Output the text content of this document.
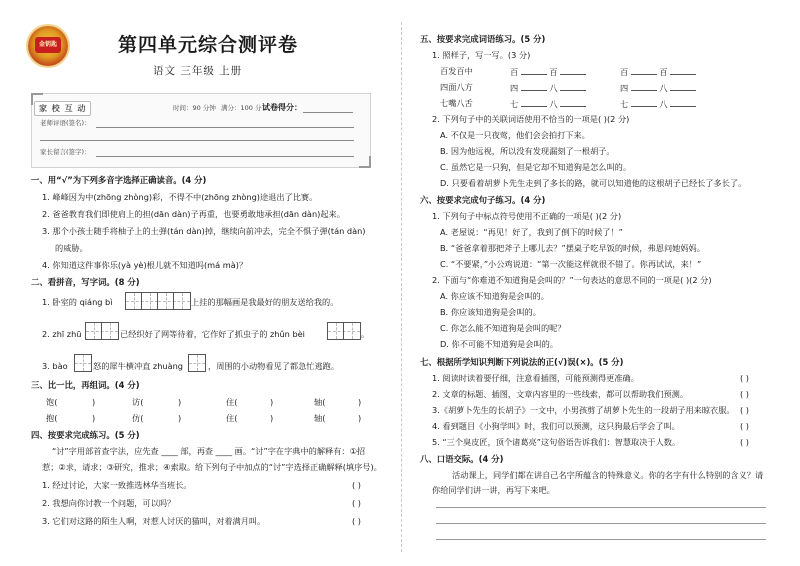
金钥匙	第四单元综合测评卷
语文 三年级 上册
家 校 互 动	时间：90 分钟 满分：100 分 试卷得分：
老师评语(签名)：
家长留言(签字)：
一、用“√”为下列多音字选择正确读音。(4 分)
1. 峰峰因为中(zhōng zhòng)彩，不得不中(zhōng zhòng)途退出了比赛。
2. 爸爸教育我们即使肩上的担(dān dàn)子再重，也要勇敢地承担(dān dàn)起来。
3. 那个小孩士随手将柚子上的土弹(tán dàn)掉，继续向前冲去，完全不惧子弹(tán dàn)
的威胁。
4. 你知道这件事你乐(yà yè)根儿就不知道吗(má mà)？
二、看拼音，写字词。(8 分)
1. 卧室的 qiáng bì	上挂的那幅画是我最好的朋友送给我的。
2. zhī zhū	已经织好了网等待着，它作好了抓虫子的 zhǔn bèi	。
3. bào	怒的犀牛横冲直 zhuàng	，周围的小动物看见了都急忙逃跑。
三、比一比，再组词。(4 分)
饱(	)	访(	)	住(	)	轴(	)
抱(	)	仿(	)	住(	)	轴(	)
四、按要求完成练习。(5 分)
“讨”字用部首查字法，应先查 ____ 部，再查 ____ 画。“讨”字在字典中的解释有：①招
惹；②求，请求；③研究，推求；④索取。给下列句子中加点的“讨”字选择正确解释(填序号)。
1. 经过讨论，大家一致推选林华当班长。	( )
2. 我想向你讨教一个问题，可以吗？	( )
3. 它们对这路的陌生人啊，对惹人讨厌的猫叫，对着满月叫。	( )
五、按要求完成词语练习。(5 分)
1. 照样子，写一写。(3 分)
百发百中	百	百	百	百
四面八方	四	八	四	八
七嘴八舌	七	八	七	八
2. 下列句子中的关联词语使用不恰当的一项是( )(2 分)
A. 不仅是一只夜莺，他们会会拍打下来。
B. 因为他远视，所以没有发现漏刻了一根胡子。
C. 虽然它是一只狗，但是它却不知道狗是怎么叫的。
D. 只要看着胡萝卜先生走到了多长的路，就可以知道他的这根胡子已经长了多长了。
六、按要求完成句子练习。(4 分)
1. 下列句子中标点符号使用不正确的一项是( )(2 分)
A. 老屋说：“再见！好了，我到了倒下的时候了！”
B. “爸爸拿着那把斧子上哪儿去？”摆桌子吃早饭的时候，弗恩问她妈妈。
C. “不要紧，”小公鸡说道：“第一次能这样就很不错了。你再试试，来！”
2. 下面与“你难道不知道狗是会叫的？”一句表达的意思不同的一项是( )(2 分)
A. 你应该不知道狗是会叫的。
B. 你应该知道狗是会叫的。
C. 你怎么能不知道狗是会叫的呢？
D. 你不可能不知道狗是会叫的。
七、根据所学知识判断下列说法的正(√)误(×)。(5 分)
1. 阅读时读着要仔细，注意看插图，可能预测得更准确。	( )
2. 文章的标题、插图，文章内容里的一些线索，都可以帮助我们预测。	( )
3.《胡萝卜先生的长胡子》一文中，小男孩剪了胡萝卜先生的一段胡子用来晾衣服。 ( )
4. 看到题目《小狗学叫》时，我们可以预测，这只狗最后学会了叫。	( )
5. “三个臭皮匠，顶个诸葛亮”这句俗语告诉我们：智慧取决于人数。	( )
八、口语交际。(4 分)
活动课上，同学们都在讲自己名字所蕴含的特殊意义。你的名字有什么特别的含义？请
你给同学们讲一讲，再写下来吧。
